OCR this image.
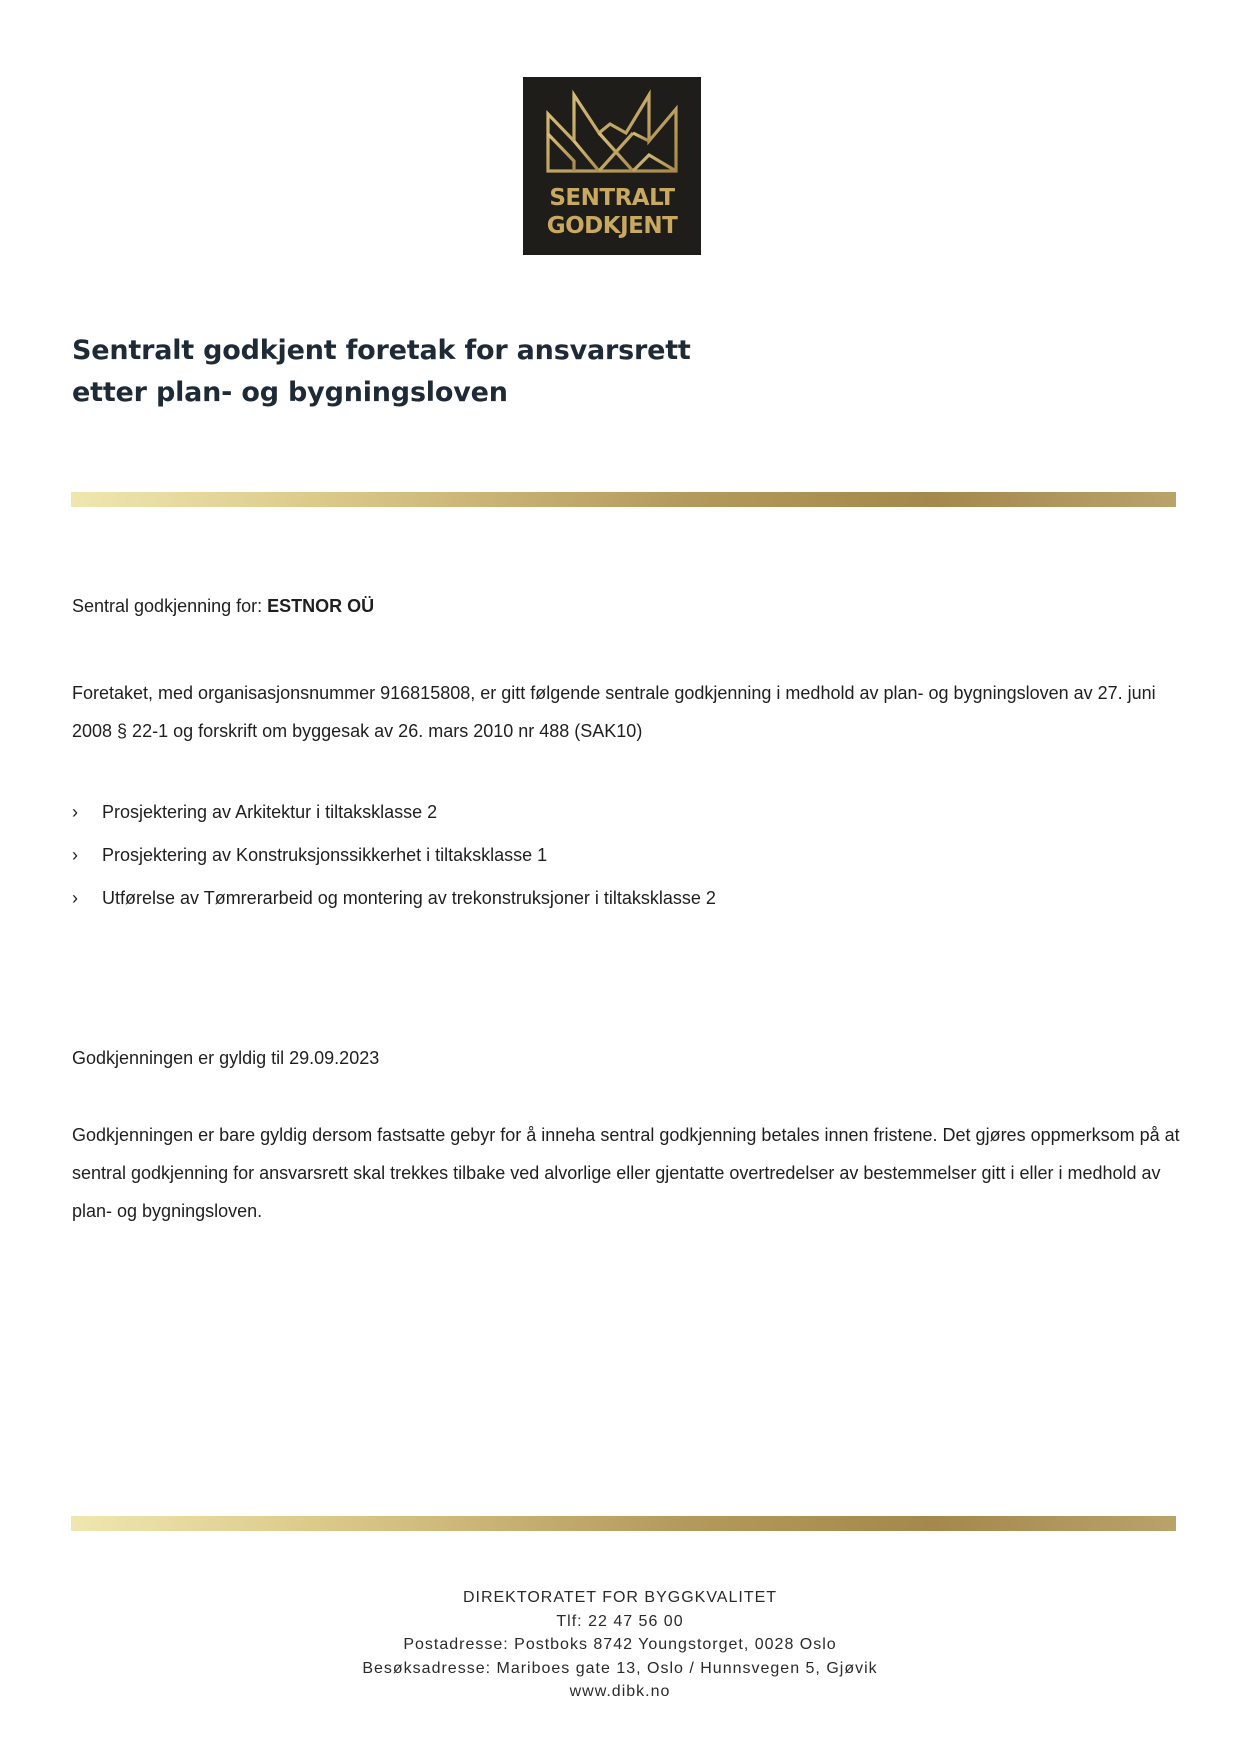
SENTRALT
GODKJENT
Sentralt godkjent foretak for ansvarsrett
etter plan- og bygningsloven

Sentral godkjenning for: ESTNOR OÜ

Foretaket, med organisasjonsnummer 916815808, er gitt følgende sentrale godkjenning i medhold av plan- og bygningsloven av 27. juni 2008 § 22-1 og forskrift om byggesak av 26. mars 2010 nr 488 (SAK10)

› Prosjektering av Arkitektur i tiltaksklasse 2
› Prosjektering av Konstruksjonssikkerhet i tiltaksklasse 1
› Utførelse av Tømrerarbeid og montering av trekonstruksjoner i tiltaksklasse 2

Godkjenningen er gyldig til 29.09.2023

Godkjenningen er bare gyldig dersom fastsatte gebyr for å inneha sentral godkjenning betales innen fristene. Det gjøres oppmerksom på at sentral godkjenning for ansvarsrett skal trekkes tilbake ved alvorlige eller gjentatte overtredelser av bestemmelser gitt i eller i medhold av plan- og bygningsloven.

DIREKTORATET FOR BYGGKVALITET
Tlf: 22 47 56 00
Postadresse: Postboks 8742 Youngstorget, 0028 Oslo
Besøksadresse: Mariboes gate 13, Oslo / Hunnsvegen 5, Gjøvik
www.dibk.no
